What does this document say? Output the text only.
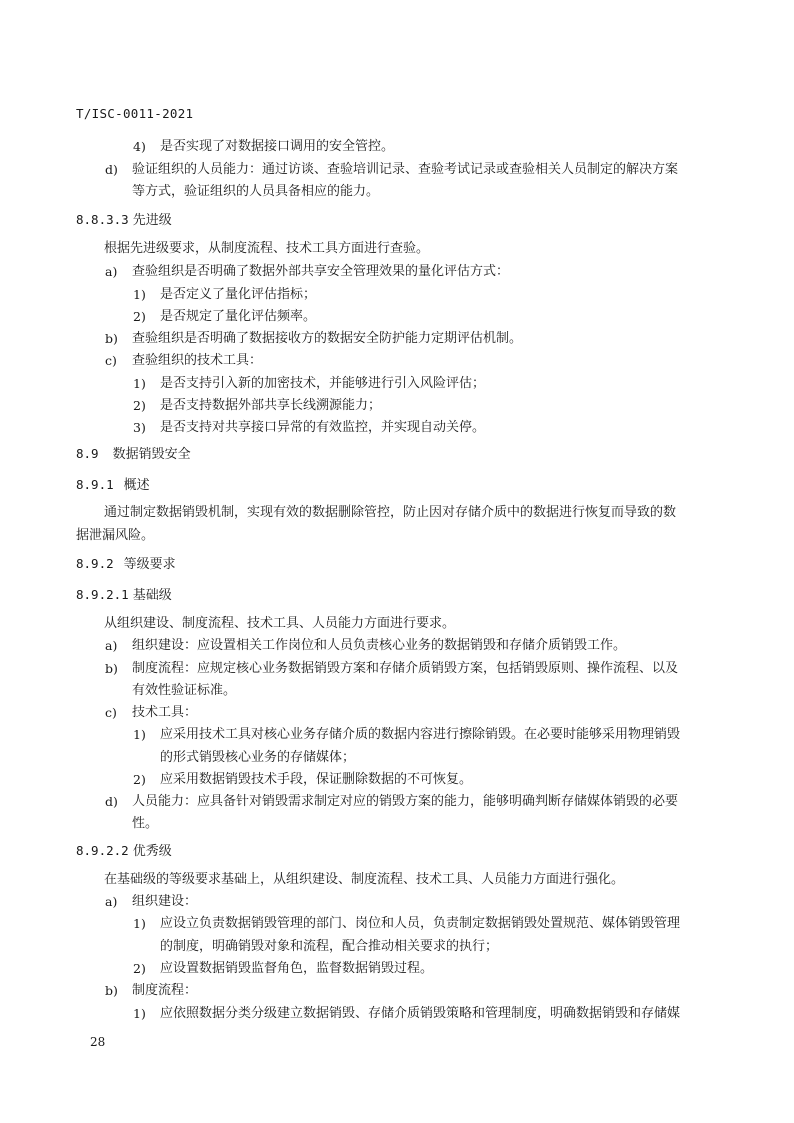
T/ISC-0011-2021
4) 是否实现了对数据接口调用的安全管控。
d) 验证组织的人员能力：通过访谈、查验培训记录、查验考试记录或查验相关人员制定的解决方案
等方式，验证组织的人员具备相应的能力。
8.8.3.3 先进级
根据先进级要求，从制度流程、技术工具方面进行查验。
a) 查验组织是否明确了数据外部共享安全管理效果的量化评估方式：
1) 是否定义了量化评估指标；
2) 是否规定了量化评估频率。
b) 查验组织是否明确了数据接收方的数据安全防护能力定期评估机制。
c) 查验组织的技术工具：
1) 是否支持引入新的加密技术，并能够进行引入风险评估；
2) 是否支持数据外部共享长线溯源能力；
3) 是否支持对共享接口异常的有效监控，并实现自动关停。
8.9 数据销毁安全
8.9.1 概述
通过制定数据销毁机制，实现有效的数据删除管控，防止因对存储介质中的数据进行恢复而导致的数
据泄漏风险。
8.9.2 等级要求
8.9.2.1 基础级
从组织建设、制度流程、技术工具、人员能力方面进行要求。
a) 组织建设：应设置相关工作岗位和人员负责核心业务的数据销毁和存储介质销毁工作。
b) 制度流程：应规定核心业务数据销毁方案和存储介质销毁方案，包括销毁原则、操作流程、以及
有效性验证标准。
c) 技术工具：
1) 应采用技术工具对核心业务存储介质的数据内容进行擦除销毁。在必要时能够采用物理销毁
的形式销毁核心业务的存储媒体；
2) 应采用数据销毁技术手段，保证删除数据的不可恢复。
d) 人员能力：应具备针对销毁需求制定对应的销毁方案的能力，能够明确判断存储媒体销毁的必要
性。
8.9.2.2 优秀级
在基础级的等级要求基础上，从组织建设、制度流程、技术工具、人员能力方面进行强化。
a) 组织建设：
1) 应设立负责数据销毁管理的部门、岗位和人员，负责制定数据销毁处置规范、媒体销毁管理
的制度，明确销毁对象和流程，配合推动相关要求的执行；
2) 应设置数据销毁监督角色，监督数据销毁过程。
b) 制度流程：
1) 应依照数据分类分级建立数据销毁、存储介质销毁策略和管理制度，明确数据销毁和存储媒
28
